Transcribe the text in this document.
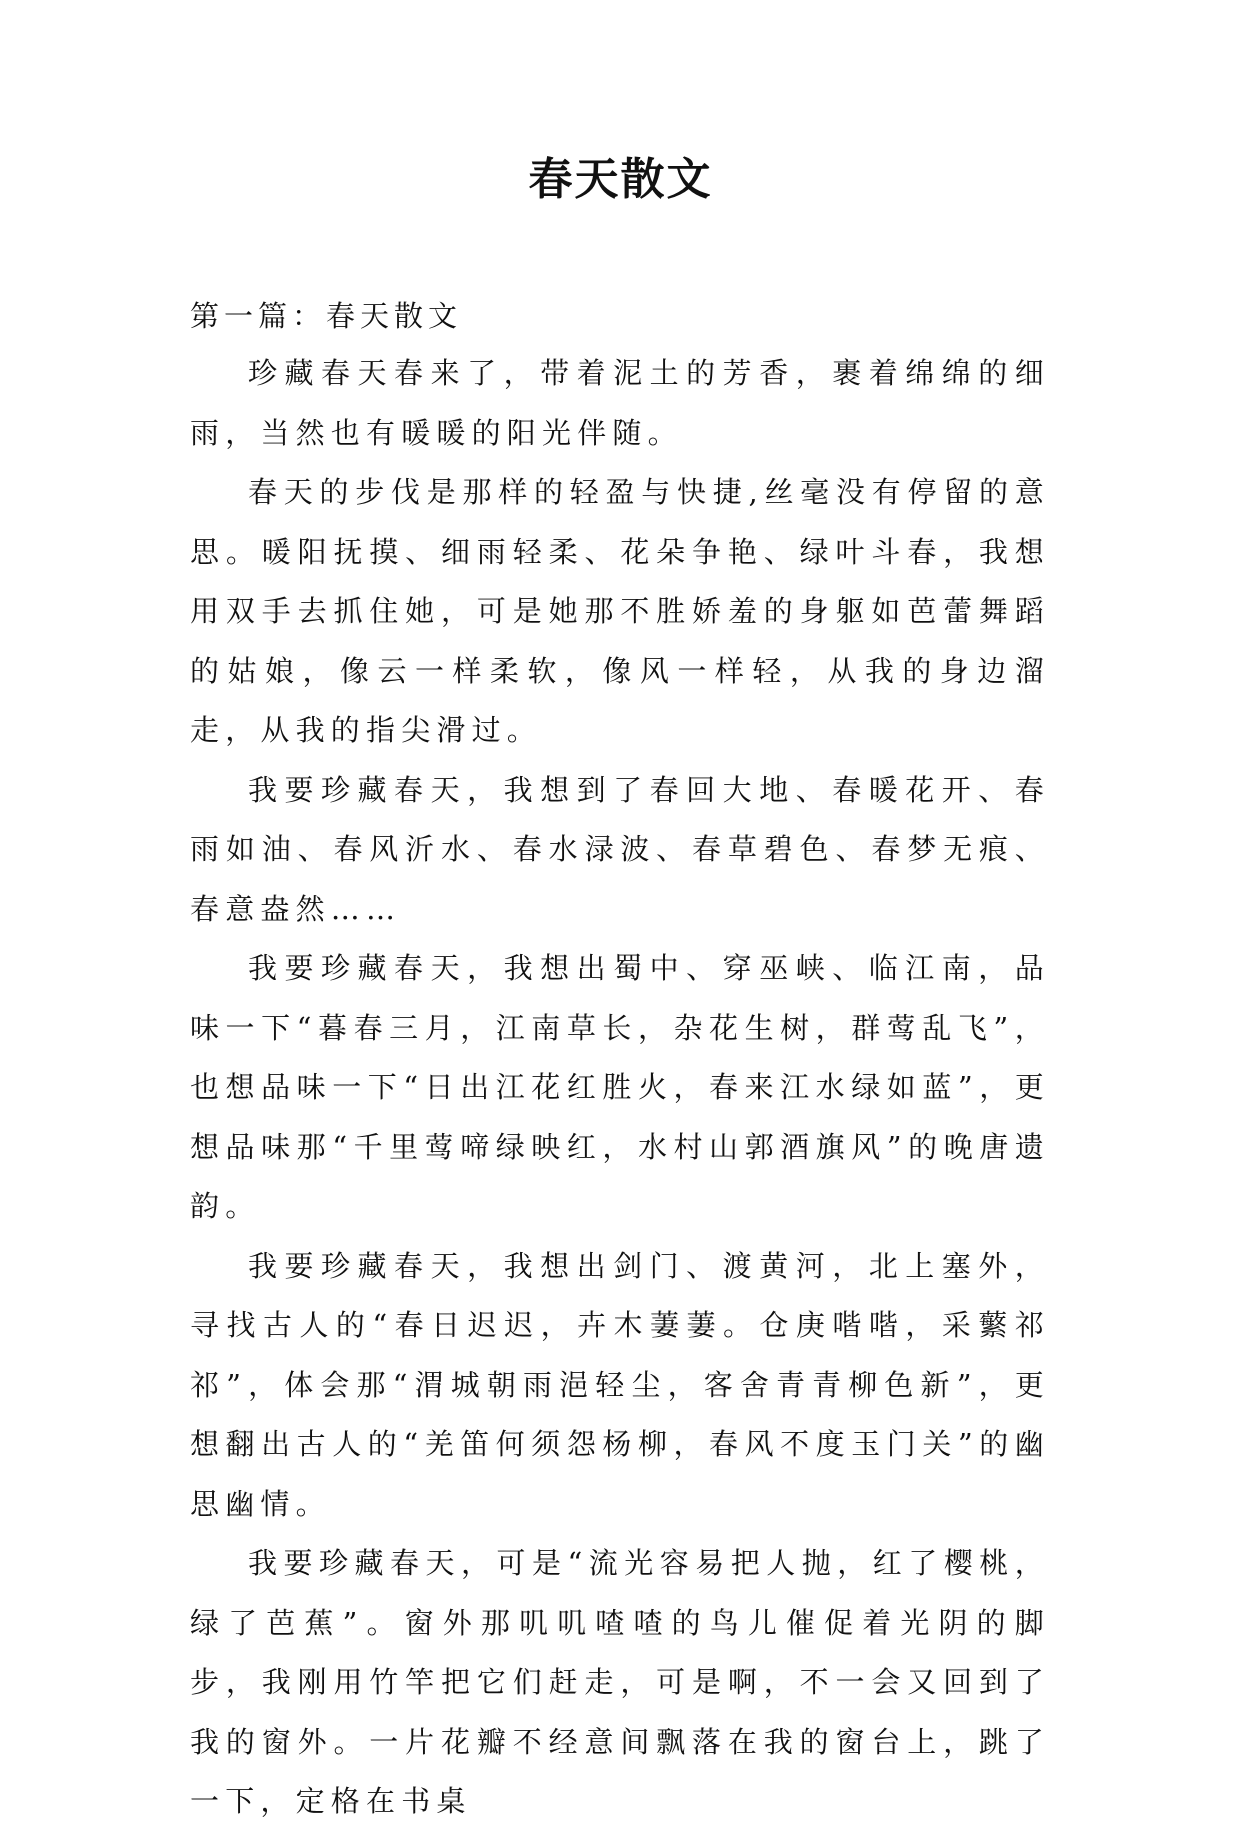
春天散文
第一篇：春天散文

珍藏春天春来了，带着泥土的芳香，裹着绵绵的细雨，当然也有暖暖的阳光伴随。

春天的步伐是那样的轻盈与快捷,丝毫没有停留的意思。暖阳抚摸、细雨轻柔、花朵争艳、绿叶斗春，我想用双手去抓住她，可是她那不胜娇羞的身躯如芭蕾舞蹈的姑娘，像云一样柔软，像风一样轻，从我的身边溜走，从我的指尖滑过。

我要珍藏春天，我想到了春回大地、春暖花开、春雨如油、春风沂水、春水渌波、春草碧色、春梦无痕、春意盎然……

我要珍藏春天，我想出蜀中、穿巫峡、临江南，品味一下“暮春三月，江南草长，杂花生树，群莺乱飞”，也想品味一下“日出江花红胜火，春来江水绿如蓝”，更想品味那“千里莺啼绿映红，水村山郭酒旗风”的晚唐遗韵。

我要珍藏春天，我想出剑门、渡黄河，北上塞外，寻找古人的“春日迟迟，卉木萋萋。仓庚喈喈，采蘩祁祁”，体会那“渭城朝雨浥轻尘，客舍青青柳色新”，更想翻出古人的“羌笛何须怨杨柳，春风不度玉门关”的幽思幽情。

我要珍藏春天，可是“流光容易把人抛，红了樱桃，绿了芭蕉”。窗外那叽叽喳喳的鸟儿催促着光阴的脚步，我刚用竹竿把它们赶走，可是啊，不一会又回到了我的窗外。一片花瓣不经意间飘落在我的窗台上，跳了一下，定格在书桌
